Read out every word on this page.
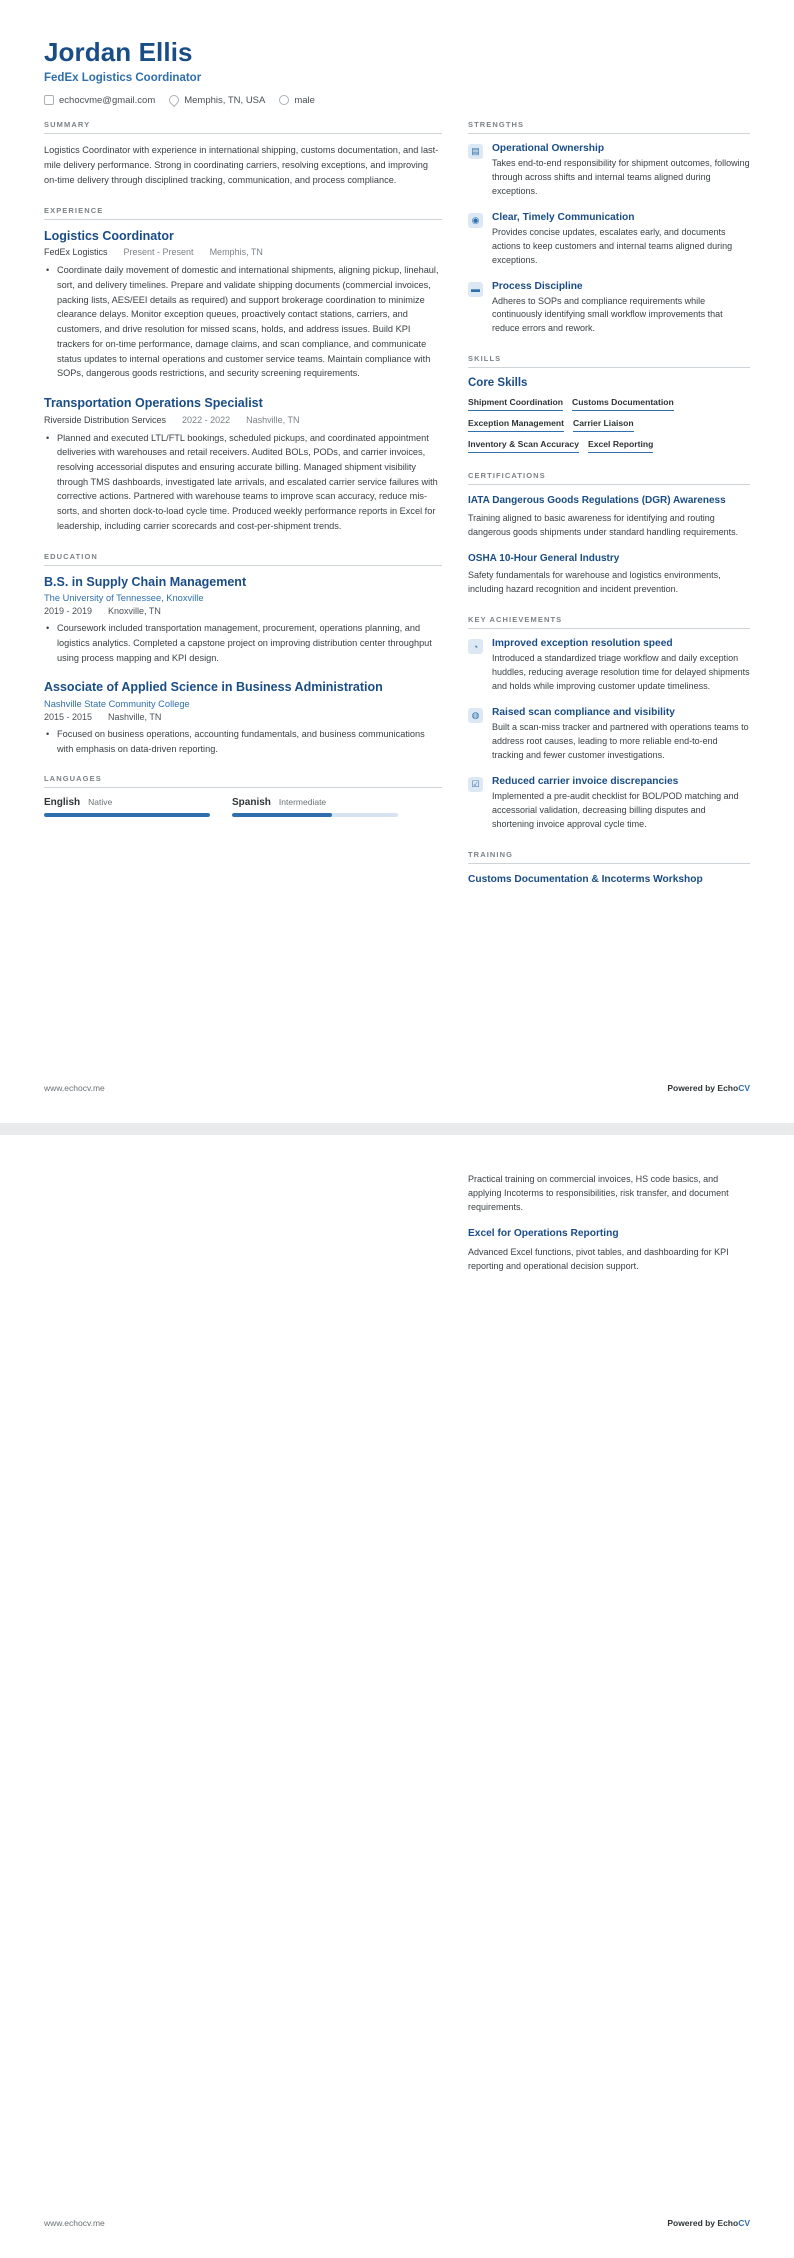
Jordan Ellis
FedEx Logistics Coordinator
echocvme@gmail.com	Memphis, TN, USA	male
SUMMARY
Logistics Coordinator with experience in international shipping, customs documentation, and last-mile delivery performance. Strong in coordinating carriers, resolving exceptions, and improving on-time delivery through disciplined tracking, communication, and process compliance.
EXPERIENCE
Logistics Coordinator
FedEx Logistics Present - Present Memphis, TN
• Coordinate daily movement of domestic and international shipments, aligning pickup, linehaul, sort, and delivery timelines. Prepare and validate shipping documents (commercial invoices, packing lists, AES/EEI details as required) and support brokerage coordination to minimize clearance delays. Monitor exception queues, proactively contact stations, carriers, and customers, and drive resolution for missed scans, holds, and address issues. Build KPI trackers for on-time performance, damage claims, and scan compliance, and communicate status updates to internal operations and customer service teams. Maintain compliance with SOPs, dangerous goods restrictions, and security screening requirements.
Transportation Operations Specialist
Riverside Distribution Services 2022 - 2022 Nashville, TN
• Planned and executed LTL/FTL bookings, scheduled pickups, and coordinated appointment deliveries with warehouses and retail receivers. Audited BOLs, PODs, and carrier invoices, resolving accessorial disputes and ensuring accurate billing. Managed shipment visibility through TMS dashboards, investigated late arrivals, and escalated carrier service failures with corrective actions. Partnered with warehouse teams to improve scan accuracy, reduce mis-sorts, and shorten dock-to-load cycle time. Produced weekly performance reports in Excel for leadership, including carrier scorecards and cost-per-shipment trends.
EDUCATION
B.S. in Supply Chain Management
The University of Tennessee, Knoxville
2019 - 2019 Knoxville, TN
• Coursework included transportation management, procurement, operations planning, and logistics analytics. Completed a capstone project on improving distribution center throughput using process mapping and KPI design.
Associate of Applied Science in Business Administration
Nashville State Community College
2015 - 2015 Nashville, TN
• Focused on business operations, accounting fundamentals, and business communications with emphasis on data-driven reporting.
LANGUAGES
English Native	Spanish Intermediate
STRENGTHS
▤	Operational Ownership
Takes end-to-end responsibility for shipment outcomes, following through across shifts and internal teams aligned during exceptions.
◉	Clear, Timely Communication
Provides concise updates, escalates early, and documents actions to keep customers and internal teams aligned during exceptions.
▬ Process Discipline
Adheres to SOPs and compliance requirements while continuously identifying small workflow improvements that reduce errors and rework.
SKILLS
Core Skills
Shipment Coordination Customs Documentation
Exception Management Carrier Liaison
Inventory & Scan Accuracy Excel Reporting
CERTIFICATIONS
IATA Dangerous Goods Regulations (DGR) Awareness
Training aligned to basic awareness for identifying and routing dangerous goods shipments under standard handling requirements.
OSHA 10-Hour General Industry
Safety fundamentals for warehouse and logistics environments, including hazard recognition and incident prevention.
KEY ACHIEVEMENTS
◔	Improved exception resolution speed
Introduced a standardized triage workflow and daily exception huddles, reducing average resolution time for delayed shipments and holds while improving customer update timeliness.
◍	Raised scan compliance and visibility
Built a scan-miss tracker and partnered with operations teams to address root causes, leading to more reliable end-to-end tracking and fewer customer investigations.
☑	Reduced carrier invoice discrepancies
Implemented a pre-audit checklist for BOL/POD matching and accessorial validation, decreasing billing disputes and shortening invoice approval cycle time.
TRAINING
Customs Documentation & Incoterms Workshop
www.echocv.me	Powered by EchoCV
Practical training on commercial invoices, HS code basics, and applying Incoterms to responsibilities, risk transfer, and document requirements.
Excel for Operations Reporting
Advanced Excel functions, pivot tables, and dashboarding for KPI reporting and operational decision support.
www.echocv.me	Powered by EchoCV
